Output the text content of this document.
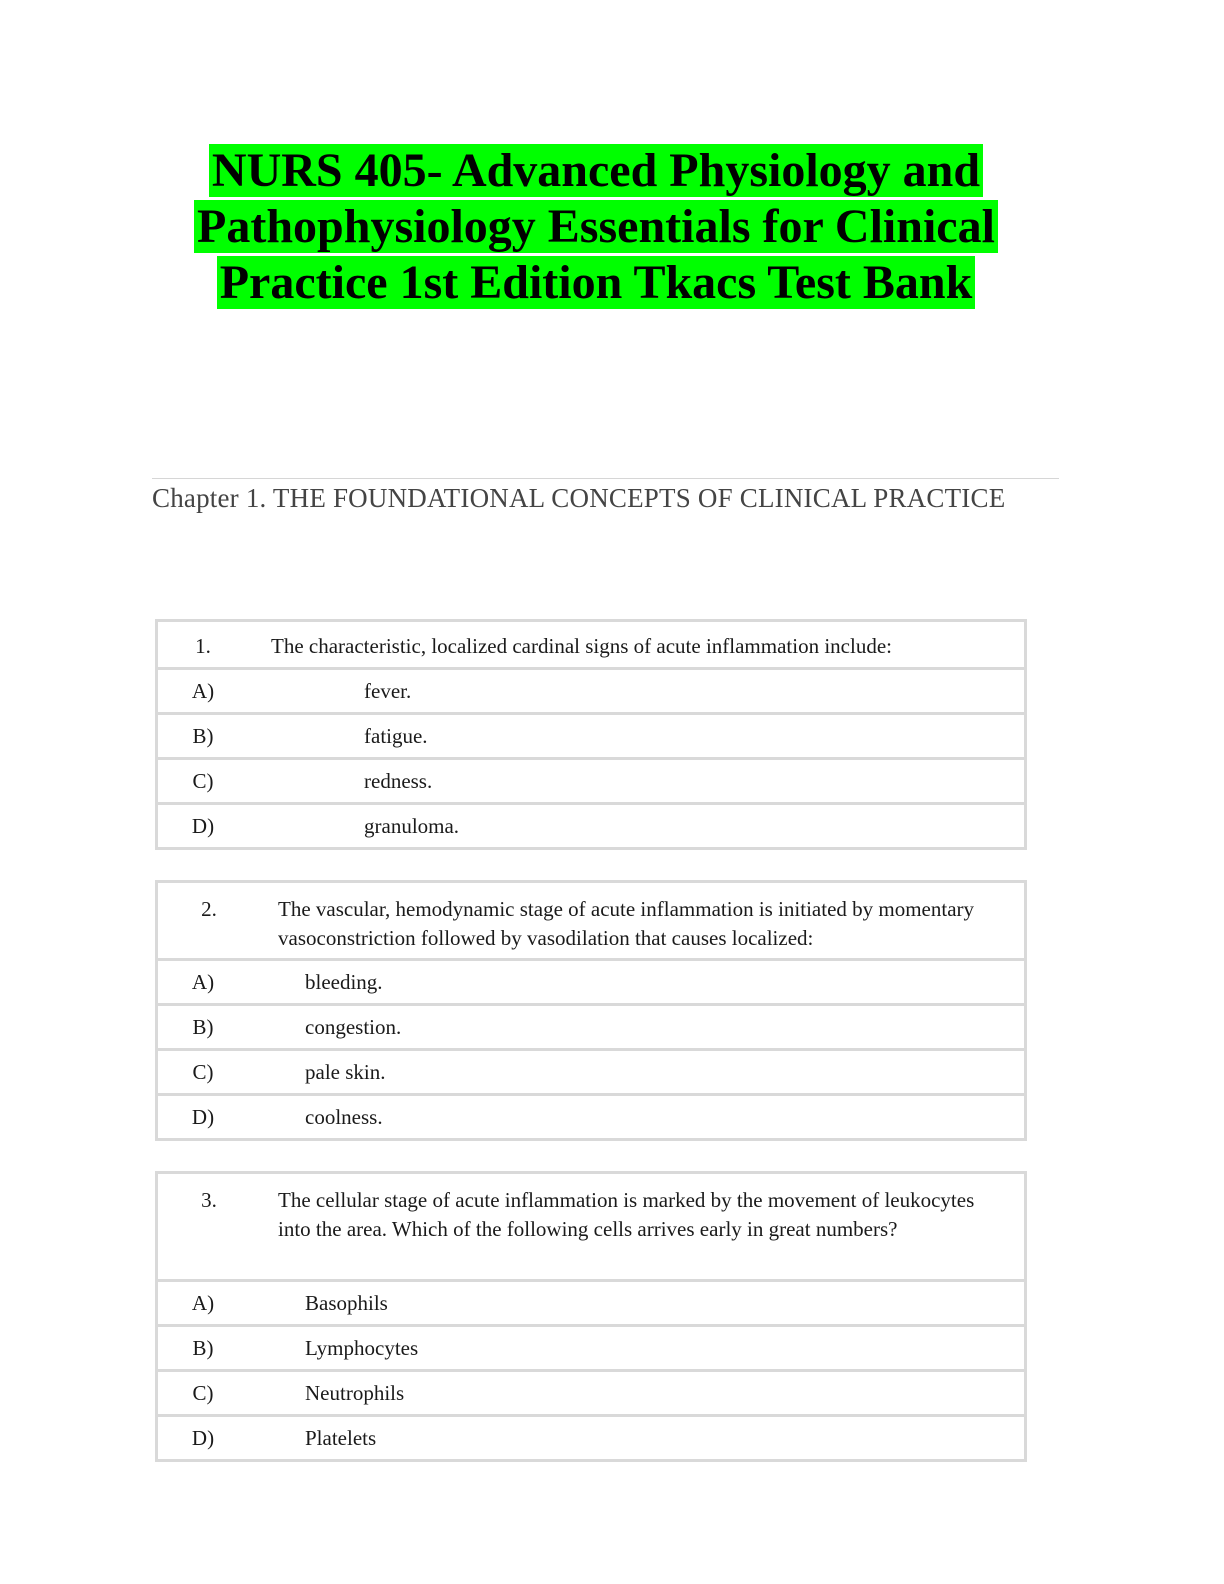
NURS 405- Advanced Physiology and
Pathophysiology Essentials for Clinical
Practice 1st Edition Tkacs Test Bank
Chapter 1. THE FOUNDATIONAL CONCEPTS OF CLINICAL PRACTICE
1.	The characteristic, localized cardinal signs of acute inflammation include:
A)	fever.
B)	fatigue.
C)	redness.
D)	granuloma.
2.	The vascular, hemodynamic stage of acute inflammation is initiated by momentary vasoconstriction followed by vasodilation that causes localized:
A)	bleeding.
B)	congestion.
C)	pale skin.
D)	coolness.
3.	The cellular stage of acute inflammation is marked by the movement of leukocytes into the area. Which of the following cells arrives early in great numbers?
A)	Basophils
B)	Lymphocytes
C)	Neutrophils
D)	Platelets
